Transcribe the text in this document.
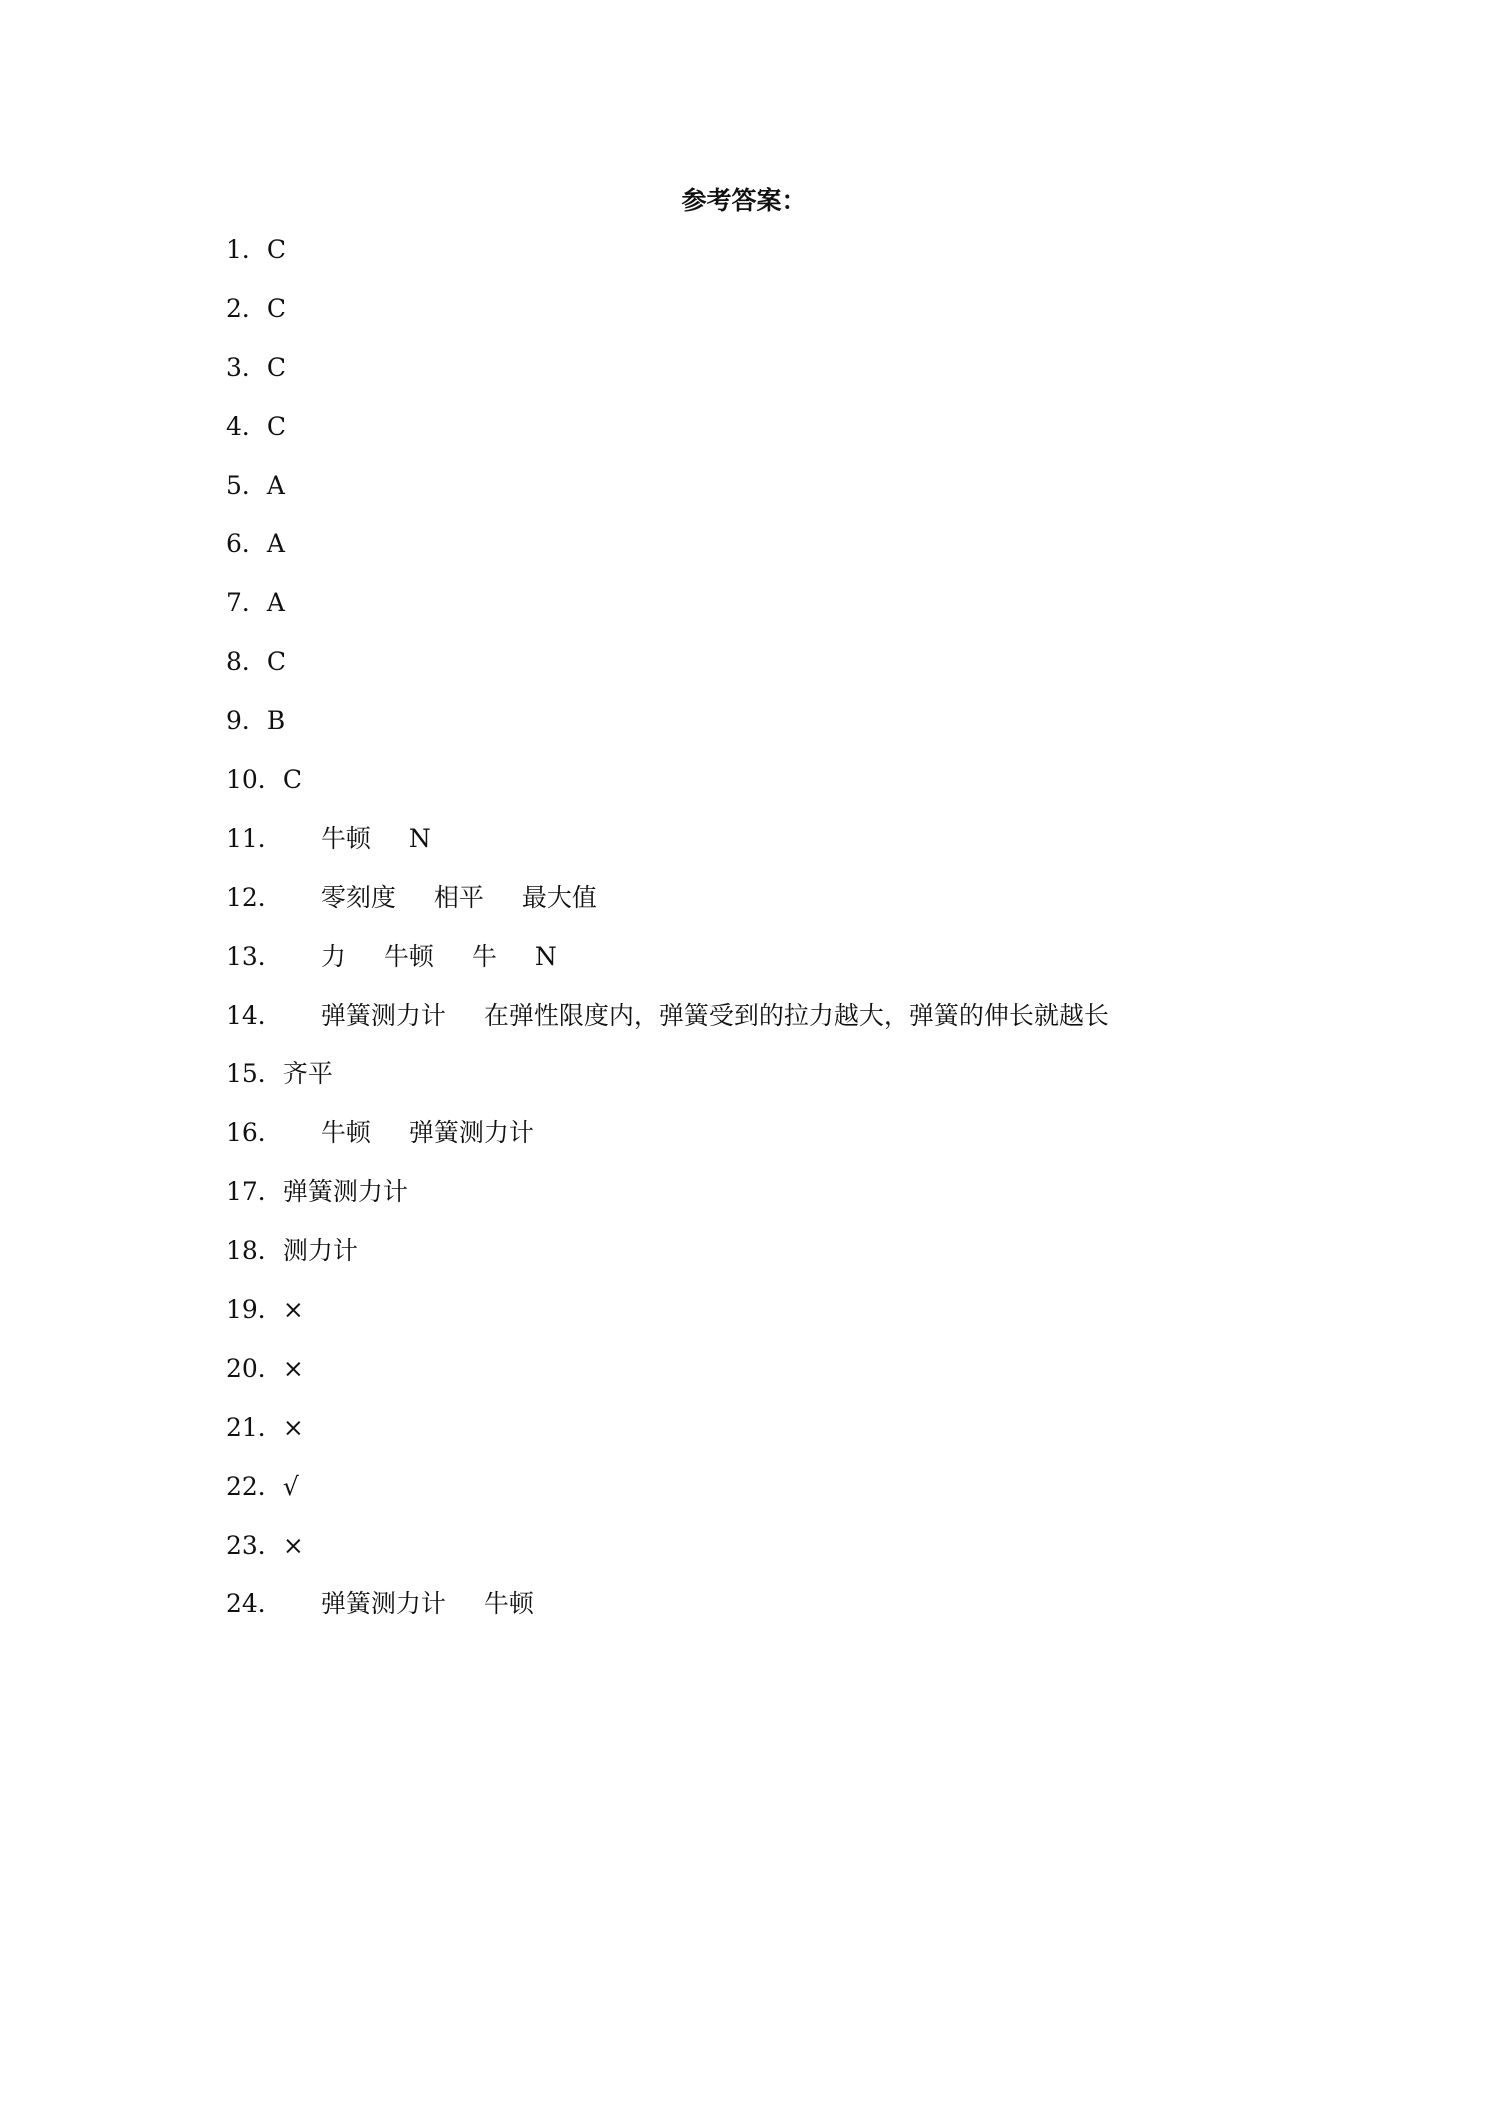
参考答案：
1．C
2．C
3．C
4．C
5．A
6．A
7．A
8．C
9．B
10．C
11． 牛顿 N
12． 零刻度 相平 最大值
13． 力 牛顿 牛 N
14． 弹簧测力计 在弹性限度内，弹簧受到的拉力越大，弹簧的伸长就越长
15．齐平
16． 牛顿 弹簧测力计
17．弹簧测力计
18．测力计
19．×
20．×
21．×
22．√
23．×
24． 弹簧测力计 牛顿
